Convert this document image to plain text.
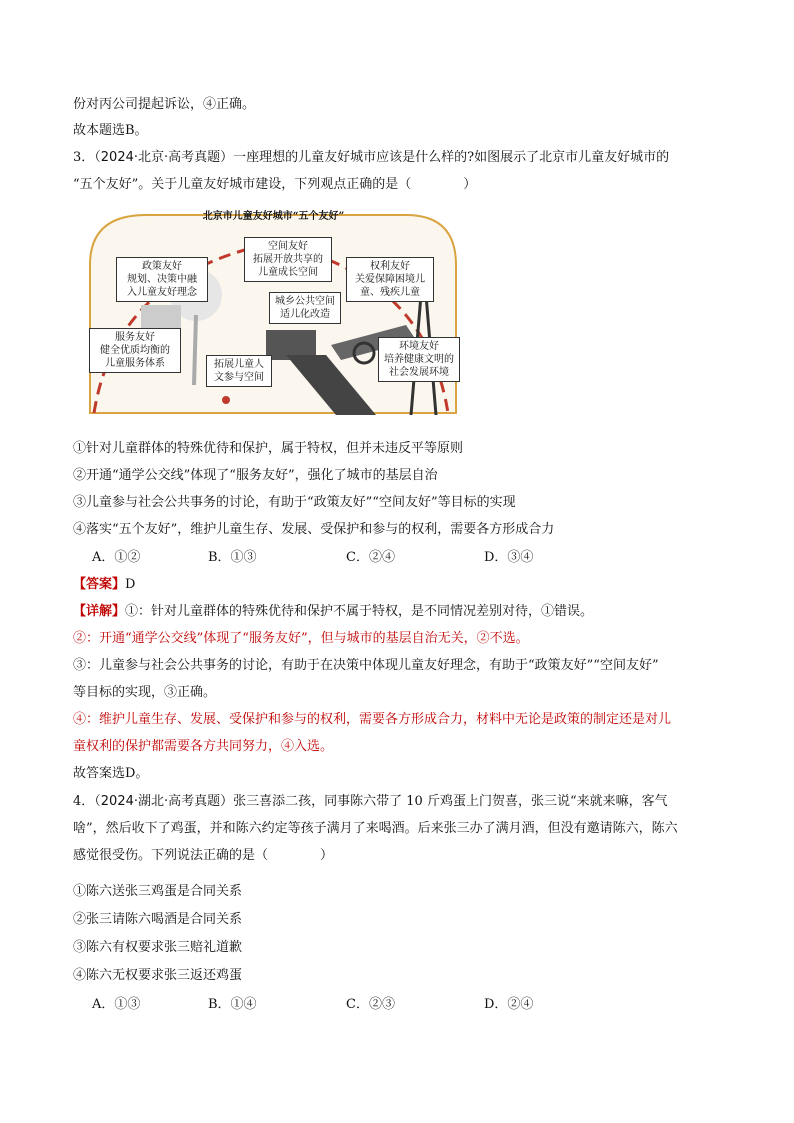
份对丙公司提起诉讼，④正确。
故本题选B。
3．（2024·北京·高考真题）一座理想的儿童友好城市应该是什么样的?如图展示了北京市儿童友好城市的
“五个友好”。关于儿童友好城市建设，下列观点正确的是（　　　　）
北京市儿童友好城市“五个友好”
空间友好
拓展开放共享的
儿童成长空间
政策友好
规划、决策中融
入儿童友好理念
权利友好
关爱保障困境儿
童、残疾儿童
城乡公共空间
适儿化改造
服务友好
健全优质均衡的
儿童服务体系	拓展儿童人
文参与空间
环境友好
培养健康文明的
社会发展环境
①针对儿童群体的特殊优待和保护，属于特权，但并未违反平等原则
②开通“通学公交线”体现了“服务友好”，强化了城市的基层自治
③儿童参与社会公共事务的讨论，有助于“政策友好”“空间友好”等目标的实现
④落实“五个友好”，维护儿童生存、发展、受保护和参与的权利，需要各方形成合力
A．①②	B．①③	C．②④	D．③④
【答案】D
【详解】①：针对儿童群体的特殊优待和保护不属于特权，是不同情况差别对待，①错误。
②：开通“通学公交线”体现了“服务友好”，但与城市的基层自治无关，②不选。
③：儿童参与社会公共事务的讨论，有助于在决策中体现儿童友好理念，有助于“政策友好”“空间友好”
等目标的实现，③正确。
④：维护儿童生存、发展、受保护和参与的权利，需要各方形成合力，材料中无论是政策的制定还是对儿
童权利的保护都需要各方共同努力，④入选。
故答案选D。
4．（2024·湖北·高考真题）张三喜添二孩，同事陈六带了 10 斤鸡蛋上门贺喜，张三说“来就来嘛，客气
啥”，然后收下了鸡蛋，并和陈六约定等孩子满月了来喝酒。后来张三办了满月酒，但没有邀请陈六，陈六
感觉很受伤。下列说法正确的是（　　　　）
①陈六送张三鸡蛋是合同关系
②张三请陈六喝酒是合同关系
③陈六有权要求张三赔礼道歉
④陈六无权要求张三返还鸡蛋
A．①③	B．①④	C．②③	D．②④
